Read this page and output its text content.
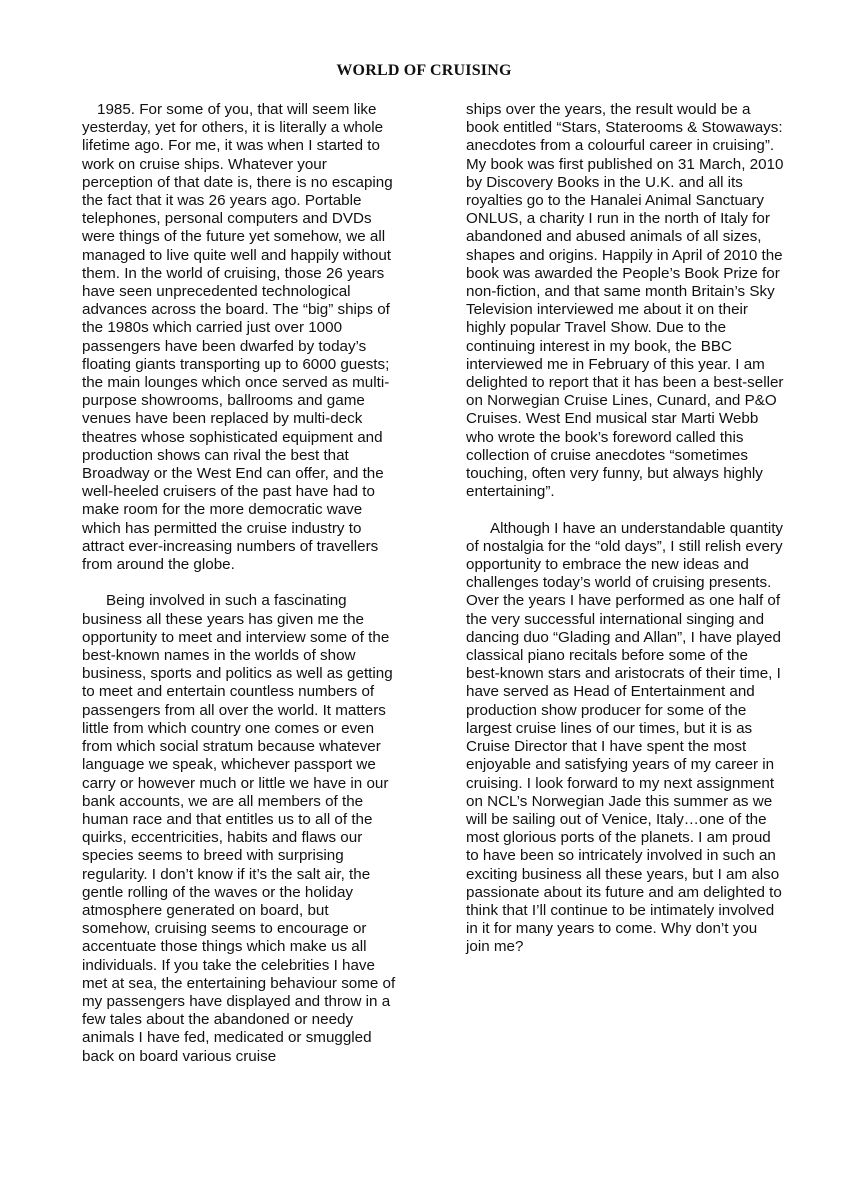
WORLD OF CRUISING

1985. For some of you, that will seem like yesterday, yet for others, it is literally a whole lifetime ago. For me, it was when I started to work on cruise ships. Whatever your perception of that date is, there is no escaping the fact that it was 26 years ago. Portable telephones, personal computers and DVDs were things of the future yet somehow, we all managed to live quite well and happily without them. In the world of cruising, those 26 years have seen unprecedented technological advances across the board. The “big” ships of the 1980s which carried just over 1000 passengers have been dwarfed by today’s floating giants transporting up to 6000 guests; the main lounges which once served as multi-purpose showrooms, ballrooms and game venues have been replaced by multi-deck theatres whose sophisticated equipment and production shows can rival the best that Broadway or the West End can offer, and the well-heeled cruisers of the past have had to make room for the more democratic wave which has permitted the cruise industry to attract ever-increasing numbers of travellers from around the globe.

Being involved in such a fascinating business all these years has given me the opportunity to meet and interview some of the best-known names in the worlds of show business, sports and politics as well as getting to meet and entertain countless numbers of passengers from all over the world. It matters little from which country one comes or even from which social stratum because whatever language we speak, whichever passport we carry or however much or little we have in our bank accounts, we are all members of the human race and that entitles us to all of the quirks, eccentricities, habits and flaws our species seems to breed with surprising regularity. I don’t know if it’s the salt air, the gentle rolling of the waves or the holiday atmosphere generated on board, but somehow, cruising seems to encourage or accentuate those things which make us all individuals. If you take the celebrities I have met at sea, the entertaining behaviour some of my passengers have displayed and throw in a few tales about the abandoned or needy animals I have fed, medicated or smuggled back on board various cruise

ships over the years, the result would be a book entitled “Stars, Staterooms & Stowaways: anecdotes from a colourful career in cruising”. My book was first published on 31 March, 2010 by Discovery Books in the U.K. and all its royalties go to the Hanalei Animal Sanctuary ONLUS, a charity I run in the north of Italy for abandoned and abused animals of all sizes, shapes and origins. Happily in April of 2010 the book was awarded the People’s Book Prize for non-fiction, and that same month Britain’s Sky Television interviewed me about it on their highly popular Travel Show. Due to the continuing interest in my book, the BBC interviewed me in February of this year. I am delighted to report that it has been a best-seller on Norwegian Cruise Lines, Cunard, and P&O Cruises. West End musical star Marti Webb who wrote the book’s foreword called this collection of cruise anecdotes “sometimes touching, often very funny, but always highly entertaining”.

Although I have an understandable quantity of nostalgia for the “old days”, I still relish every opportunity to embrace the new ideas and challenges today’s world of cruising presents. Over the years I have performed as one half of the very successful international singing and dancing duo “Glading and Allan”, I have played classical piano recitals before some of the best-known stars and aristocrats of their time, I have served as Head of Entertainment and production show producer for some of the largest cruise lines of our times, but it is as Cruise Director that I have spent the most enjoyable and satisfying years of my career in cruising. I look forward to my next assignment on NCL’s Norwegian Jade this summer as we will be sailing out of Venice, Italy…one of the most glorious ports of the planets. I am proud to have been so intricately involved in such an exciting business all these years, but I am also passionate about its future and am delighted to think that I’ll continue to be intimately involved in it for many years to come. Why don’t you join me?
